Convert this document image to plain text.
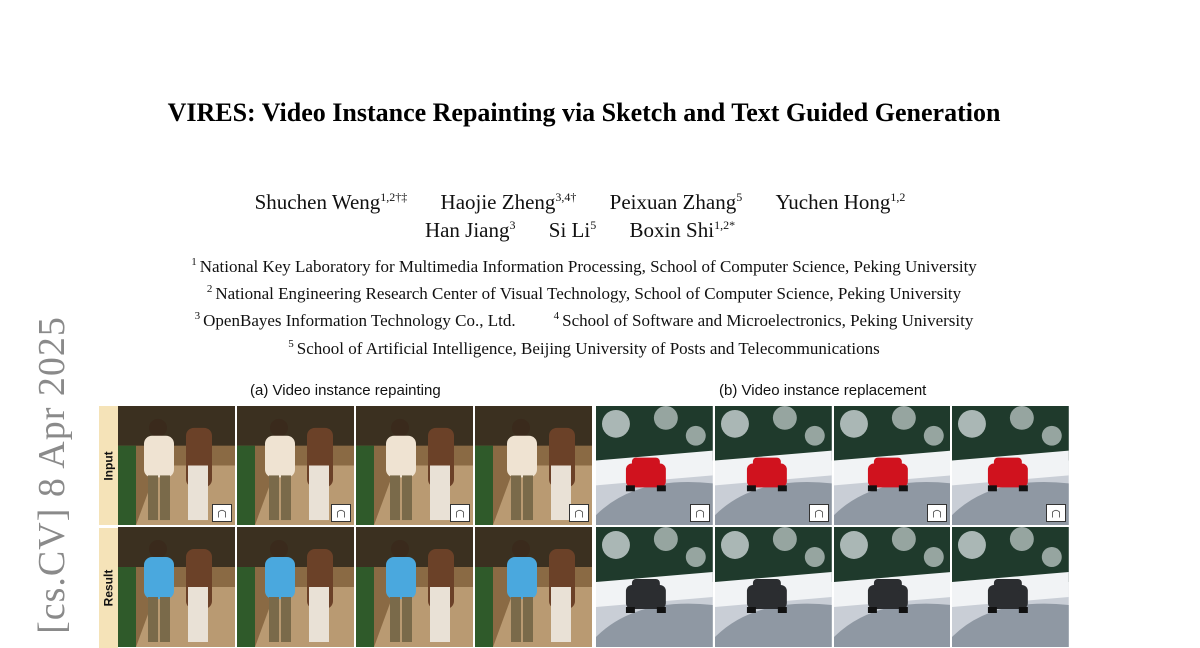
[cs.CV] 8 Apr 2025
VIRES: Video Instance Repainting via Sketch and Text Guided Generation
Shuchen Weng$^{1,2\dagger\ddagger}$ Haojie Zheng$^{3,4\dagger}$ Peixuan Zhang$^5$ Yuchen Hong$^{1,2}$
Han Jiang$^3$ Si Li$^5$ Boxin Shi$^{1,2*}$
$^1$ National Key Laboratory for Multimedia Information Processing, School of Computer Science, Peking University
$^2$ National Engineering Research Center of Visual Technology, School of Computer Science, Peking University
$^3$ OpenBayes Information Technology Co., Ltd.	$^4$ School of Software and Microelectronics, Peking University
$^5$ School of Artificial Intelligence, Beijing University of Posts and Telecommunications
(a) Video instance repainting	(b) Video instance replacement
Input
Result
